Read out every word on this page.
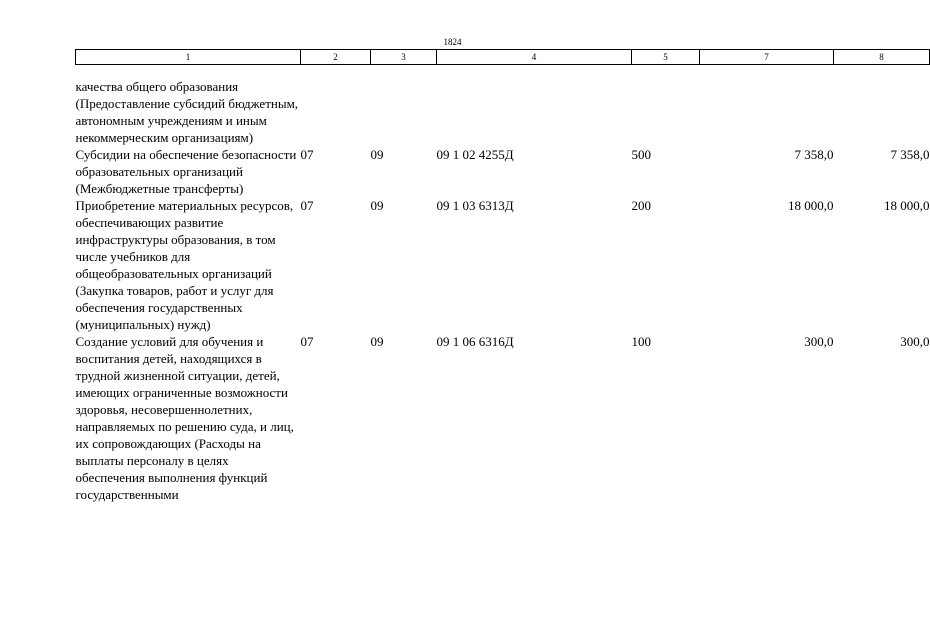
1824
1	2	3	4	5	7	8
качества общего образования (Предоставление субсидий бюджетным, автономным учреждениям и иным некоммерческим организациям)						
Субсидии на обеспечение безопасности образовательных организаций (Межбюджетные трансферты)	07	09	09 1 02 4255Д	500	7 358,0	7 358,0
Приобретение материальных ресурсов, обеспечивающих развитие инфраструктуры образования, в том числе учебников для общеобразовательных организаций (Закупка товаров, работ и услуг для обеспечения государственных (муниципальных) нужд)	07	09	09 1 03 6313Д	200	18 000,0	18 000,0
Создание условий для обучения и воспитания детей, находящихся в трудной жизненной ситуации, детей, имеющих ограниченные возможности здоровья, несовершеннолетних, направляемых по решению суда, и лиц, их сопровождающих (Расходы на выплаты персоналу в целях обеспечения выполнения функций государственными	07	09	09 1 06 6316Д	100	300,0	300,0
